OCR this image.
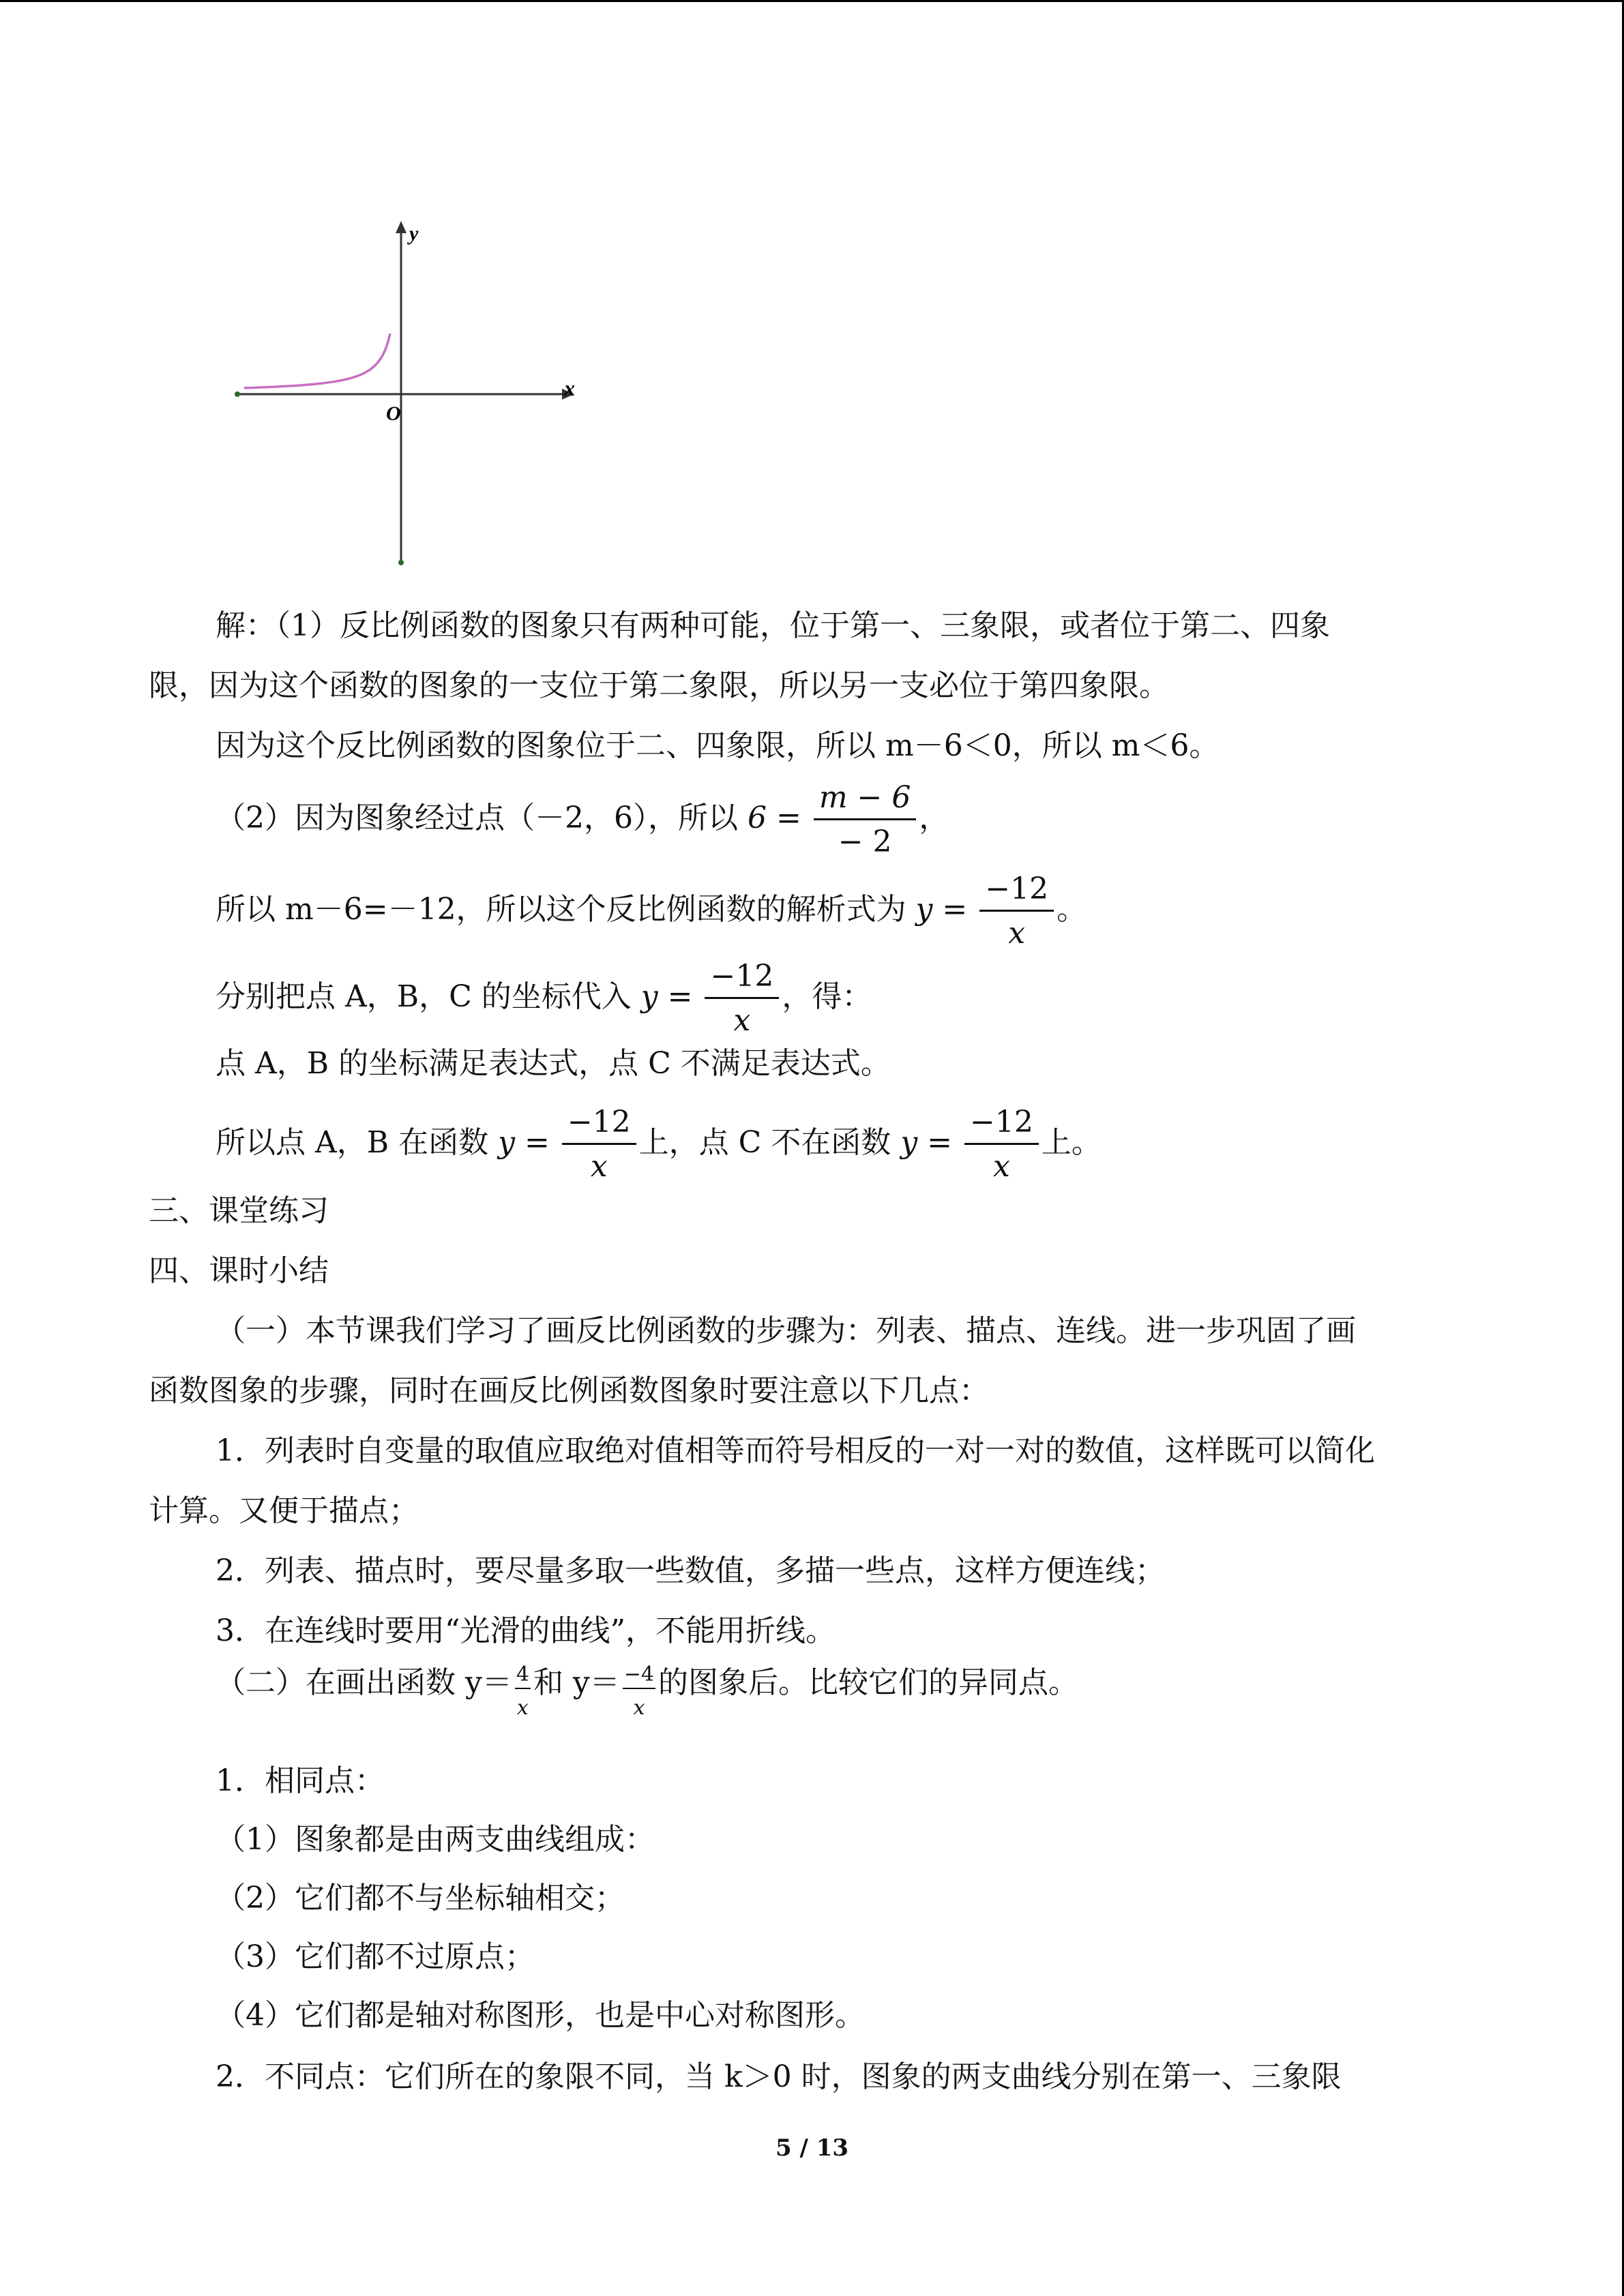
y
x
O
解：（1）反比例函数的图象只有两种可能，位于第一、三象限，或者位于第二、四象
限，因为这个函数的图象的一支位于第二象限，所以另一支必位于第四象限。
因为这个反比例函数的图象位于二、四象限，所以 m－6＜0，所以 m＜6。
（2）因为图象经过点（－2，6），所以 $6 = \frac{m - 6}{- 2}$ ，
所以 m－6=－12，所以这个反比例函数的解析式为 $y = \frac{-12}{x}$ 。
分别把点 A，B，C 的坐标代入 $y = \frac{-12}{x}$ ，得：
点 A，B 的坐标满足表达式，点 C 不满足表达式。
所以点 A，B 在函数 $y = \frac{-12}{x}$ 上，点 C 不在函数 $y = \frac{-12}{x}$ 上。
三、课堂练习
四、课时小结
（一）本节课我们学习了画反比例函数的步骤为：列表、描点、连线。进一步巩固了画
函数图象的步骤，同时在画反比例函数图象时要注意以下几点：
1．列表时自变量的取值应取绝对值相等而符号相反的一对一对的数值，这样既可以简化
计算。又便于描点；
2．列表、描点时，要尽量多取一些数值，多描一些点，这样方便连线；
3．在连线时要用“光滑的曲线”，不能用折线。
（二）在画出函数 $y= \frac{4}{x}$ 和 $y= \frac{-4}{x}$ 的图象后。比较它们的异同点。
1．相同点：
（1）图象都是由两支曲线组成：
（2）它们都不与坐标轴相交；
（3）它们都不过原点；
（4）它们都是轴对称图形，也是中心对称图形。
2．不同点：它们所在的象限不同，当 k＞0 时，图象的两支曲线分别在第一、三象限
5 / 13
